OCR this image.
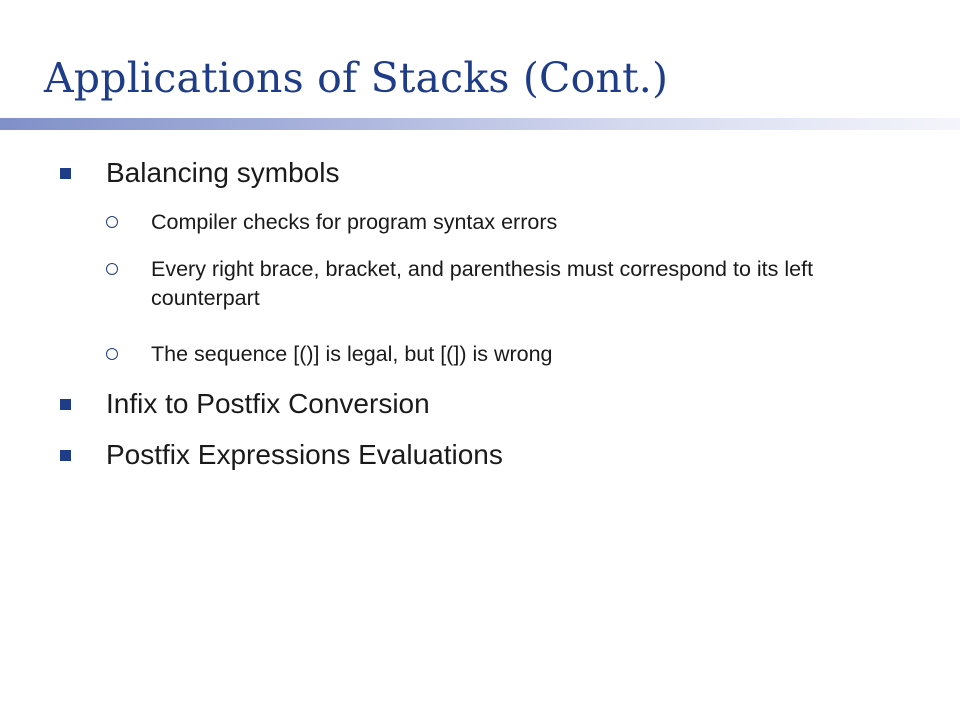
Applications of Stacks (Cont.)
Balancing symbols
Compiler checks for program syntax errors
Every right brace, bracket, and parenthesis must correspond to its left counterpart
The sequence [()] is legal, but [(]) is wrong
Infix to Postfix Conversion
Postfix Expressions Evaluations
